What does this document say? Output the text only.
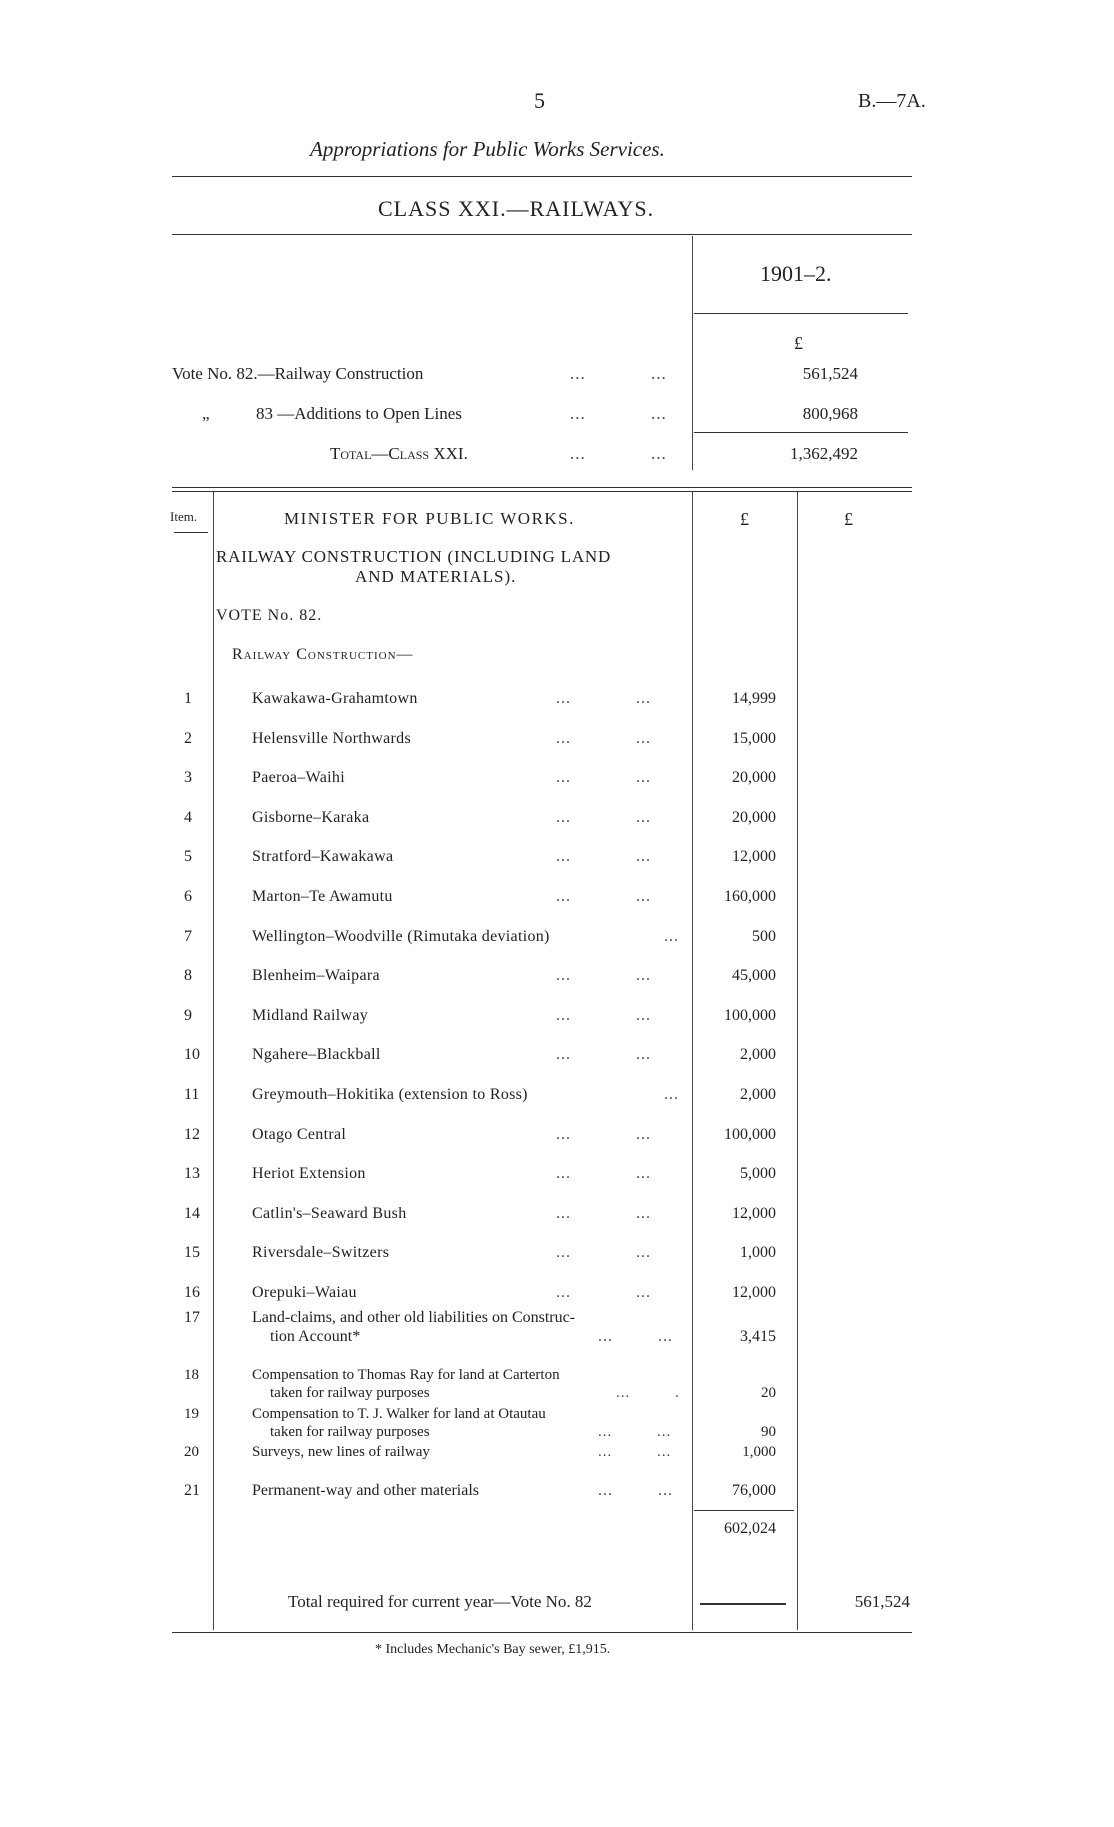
5	B.—7A.
Appropriations for Public Works Services.
CLASS XXI.—RAILWAYS.
1901–2.
£
Vote No. 82.—Railway Construction	... ...	561,524
„	83 —Additions to Open Lines	... ...	800,968
Total—Class XXI.	... ...	1,362,492
Item.	MINISTER FOR PUBLIC WORKS.	£	£
RAILWAY CONSTRUCTION (INCLUDING LAND
AND MATERIALS).
VOTE No. 82.
Railway Construction—
1	Kawakawa-Grahamtown	... ...	14,999
2	Helensville Northwards	... ...	15,000
3	Paeroa–Waihi	... ...	20,000
4	Gisborne–Karaka	... ...	20,000
5	Stratford–Kawakawa	... ...	12,000
6	Marton–Te Awamutu	... ...	160,000
7	Wellington–Woodville (Rimutaka deviation)	...	500
8	Blenheim–Waipara	... ...	45,000
9	Midland Railway	... ...	100,000
10	Ngahere–Blackball	... ...	2,000
11	Greymouth–Hokitika (extension to Ross)	...	2,000
12	Otago Central	... ...	100,000
13	Heriot Extension	... ...	5,000
14	Catlin's–Seaward Bush	... ...	12,000
15	Riversdale–Switzers	... ...	1,000
16	Orepuki–Waiau	... ...	12,000
17	Land-claims, and other old liabilities on Construc-
tion Account*	... ...	3,415
18	Compensation to Thomas Ray for land at Carterton
taken for railway purposes	... .	20
19	Compensation to T. J. Walker for land at Otautau
taken for railway purposes	... ...	90
20	Surveys, new lines of railway	... ...	1,000
21	Permanent-way and other materials	... ...	76,000
602,024
Total required for current year—Vote No. 82	561,524
* Includes Mechanic's Bay sewer, £1,915.
